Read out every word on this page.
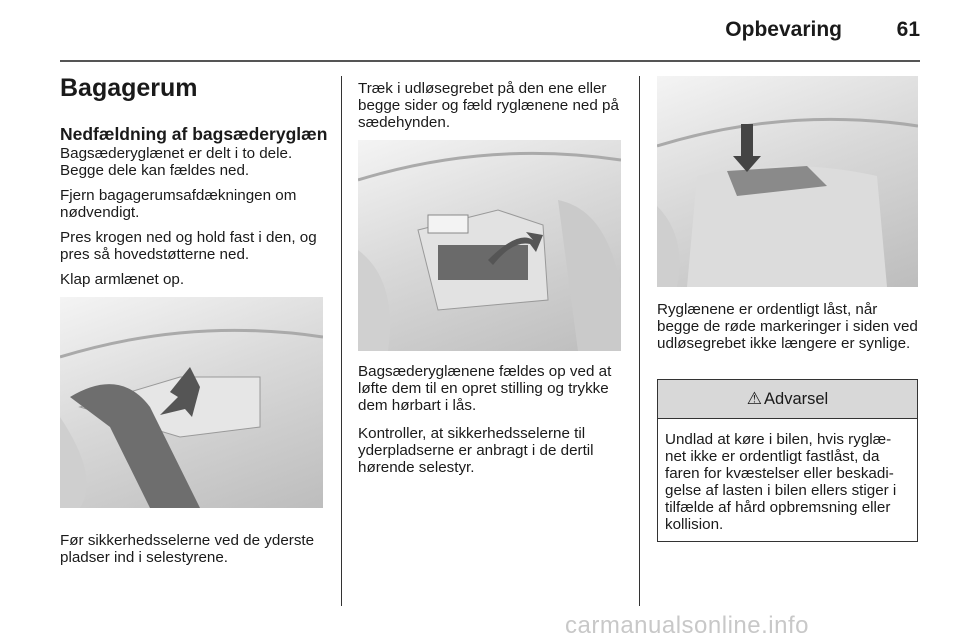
Opbevaring	61
Bagagerum
Nedfældning af bagsæderyglæn

Bagsæderyglænet er delt i to dele. Begge dele kan fældes ned.

Fjern bagagerumsafdækningen om nødvendigt.

Pres krogen ned og hold fast i den, og pres så hovedstøtterne ned.

Klap armlænet op.

Før sikkerhedsselerne ved de yderste pladser ind i selestyrene.

Træk i udløsegrebet på den ene eller begge sider og fæld ryglænene ned på sædehynden.

Bagsæderyglænene fældes op ved at løfte dem til en opret stilling og trykke dem hørbart i lås.

Kontroller, at sikkerhedsselerne til yderpladserne er anbragt i de dertil hørende selestyr.

Ryglænene er ordentligt låst, når begge de røde markeringer i siden ved udløsegrebet ikke længere er synlige.

⚠ Advarsel
Undlad at køre i bilen, hvis ryglæ-net ikke er ordentligt fastlåst, da faren for kvæstelser eller beskadi-gelse af lasten i bilen ellers stiger i tilfælde af hård opbremsning eller kollision.
carmanualsonline.info
